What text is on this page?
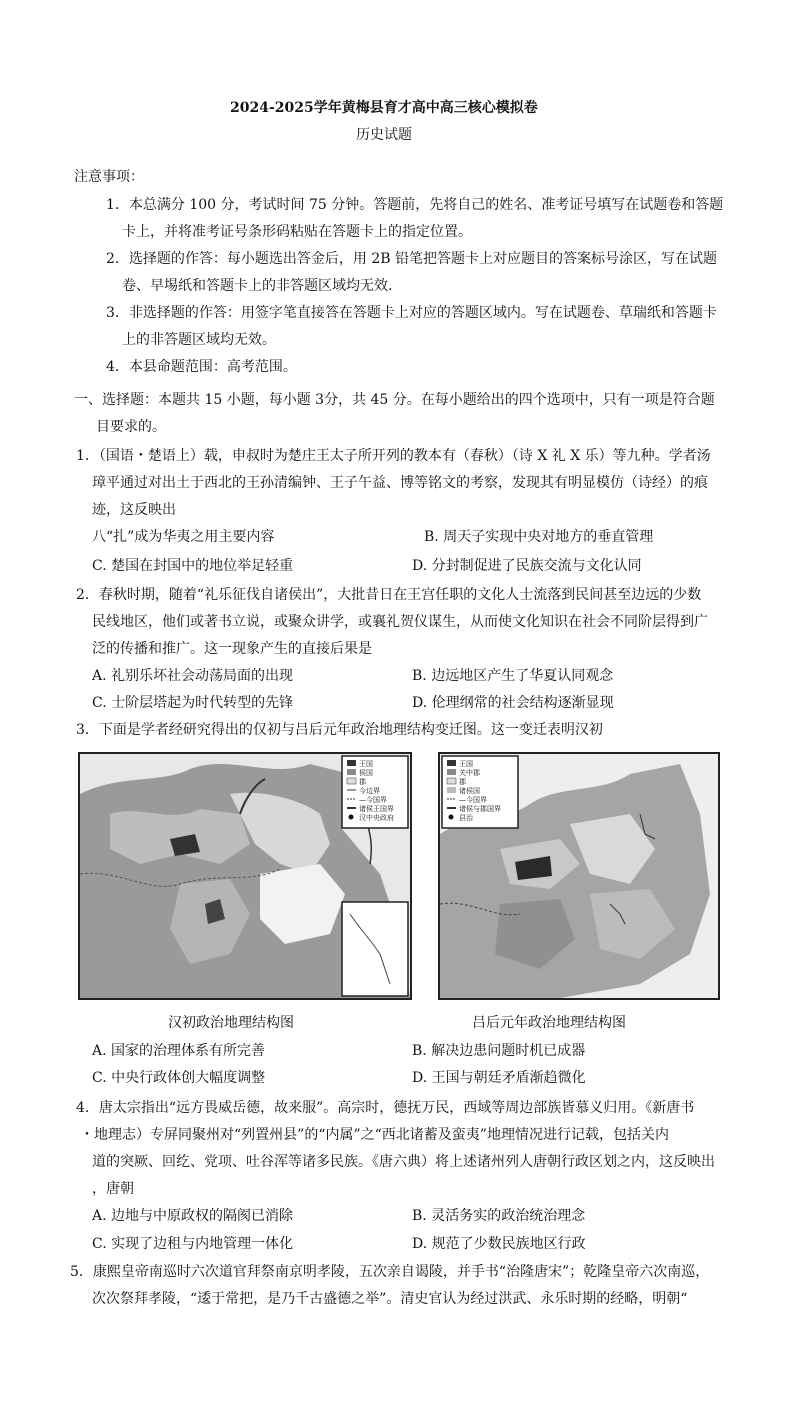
2024-2025学年黄梅县育才高中高三核心模拟卷
历史试题
注意事项：
1．本总满分 100 分，考试时间 75 分钟。答题前，先将自己的姓名、准考证号填写在试题卷和答题
卡上，并将准考证号条形码粘贴在答题卡上的指定位置。
2．选择题的作答：每小题选出答金后，用 2B 铅笔把答题卡上对应题目的答案标号涂区，写在试题
卷、早埸纸和答题卡上的非答题区域均无效.
3．非选择题的作答：用签字笔直接答在答题卡上对应的答题区域内。写在试题卷、草瑞纸和答题卡
上的非答题区域均无效。
4．本县命题范围：高考范围。
一、选择题：本题共 15 小题，每小题 3分，共 45 分。在每小题给出的四个选项中，只有一项是符合题
目要求的。
1．（国语・楚语上）载，申叔时为楚庄王太子所开列的教本有（春秋）（诗 X 礼 X 乐）等九种。学者汤
璋平通过对出土于西北的王孙清编钟、王子午益、博等铭文的考察，发现其有明显模仿（诗经）的痕
迹，这反映出
八“扎”成为华夷之用主要内容	B. 周天子实现中央对地方的垂直管理
C. 楚国在封国中的地位举足轻重	D. 分封制促进了民族交流与文化认同
2．春秋时期，随着“礼乐征伐自诸侯出”，大批昔日在王宫任职的文化人士流落到民间甚至边远的少数
民线地区，他们或著书立说，或聚众讲学，或襄礼贺仪谋生，从而使文化知识在社会不同阶层得到广
泛的传播和推广。这一现象产生的直接后果是
A. 礼别乐坏社会动荡局面的出现	B. 边远地区产生了华夏认同观念
C. 士阶层塔起为时代转型的先锋	D. 伦理纲常的社会结构逐渐显现
3．下面是学者经研究得出的仅初与吕后元年政治地理结构变迁图。这一变迁表明汉初
王国
侯国
郡
今边界
—今国界
诸侯王国界
汉中央政府
王国
关中郡
郡
诸侯国
—今国界
诸侯与郡国界
县治
汉初政治地理结构图	吕后元年政治地理结构图
A. 国家的治理体系有所完善	B. 解决边患问题时机已成器
C. 中央行政体创大幅度调整	D. 王国与朝廷矛盾渐趋微化
4．唐太宗指出“远方畏威岳德，故来服”。高宗时，德抚万民，西域等周边部族皆慕义归用。《新唐书
・地理志）专屏同聚州对“列置州县”的“内属”之“西北诸蓄及蛮夷”地理情况进行记载，包括关内
道的突厥、回纥、党项、吐谷浑等诸多民族。《唐六典）将上述诸州列人唐朝行政区划之内，这反映出
，唐朝
A. 边地与中原政权的隔阂已消除	B. 灵活务实的政治统治理念
C. 实现了边租与内地管理一体化	D. 规范了少数民族地区行政
5．康熙皇帝南巡时六次道官拜祭南京明孝陵，五次亲自谒陵，并手书“治隆唐宋”；乾隆皇帝六次南巡，
次次祭拜孝陵，“逶于常把，是乃千古盛德之举”。清史官认为经过洪武、永乐时期的经略，明朝“
